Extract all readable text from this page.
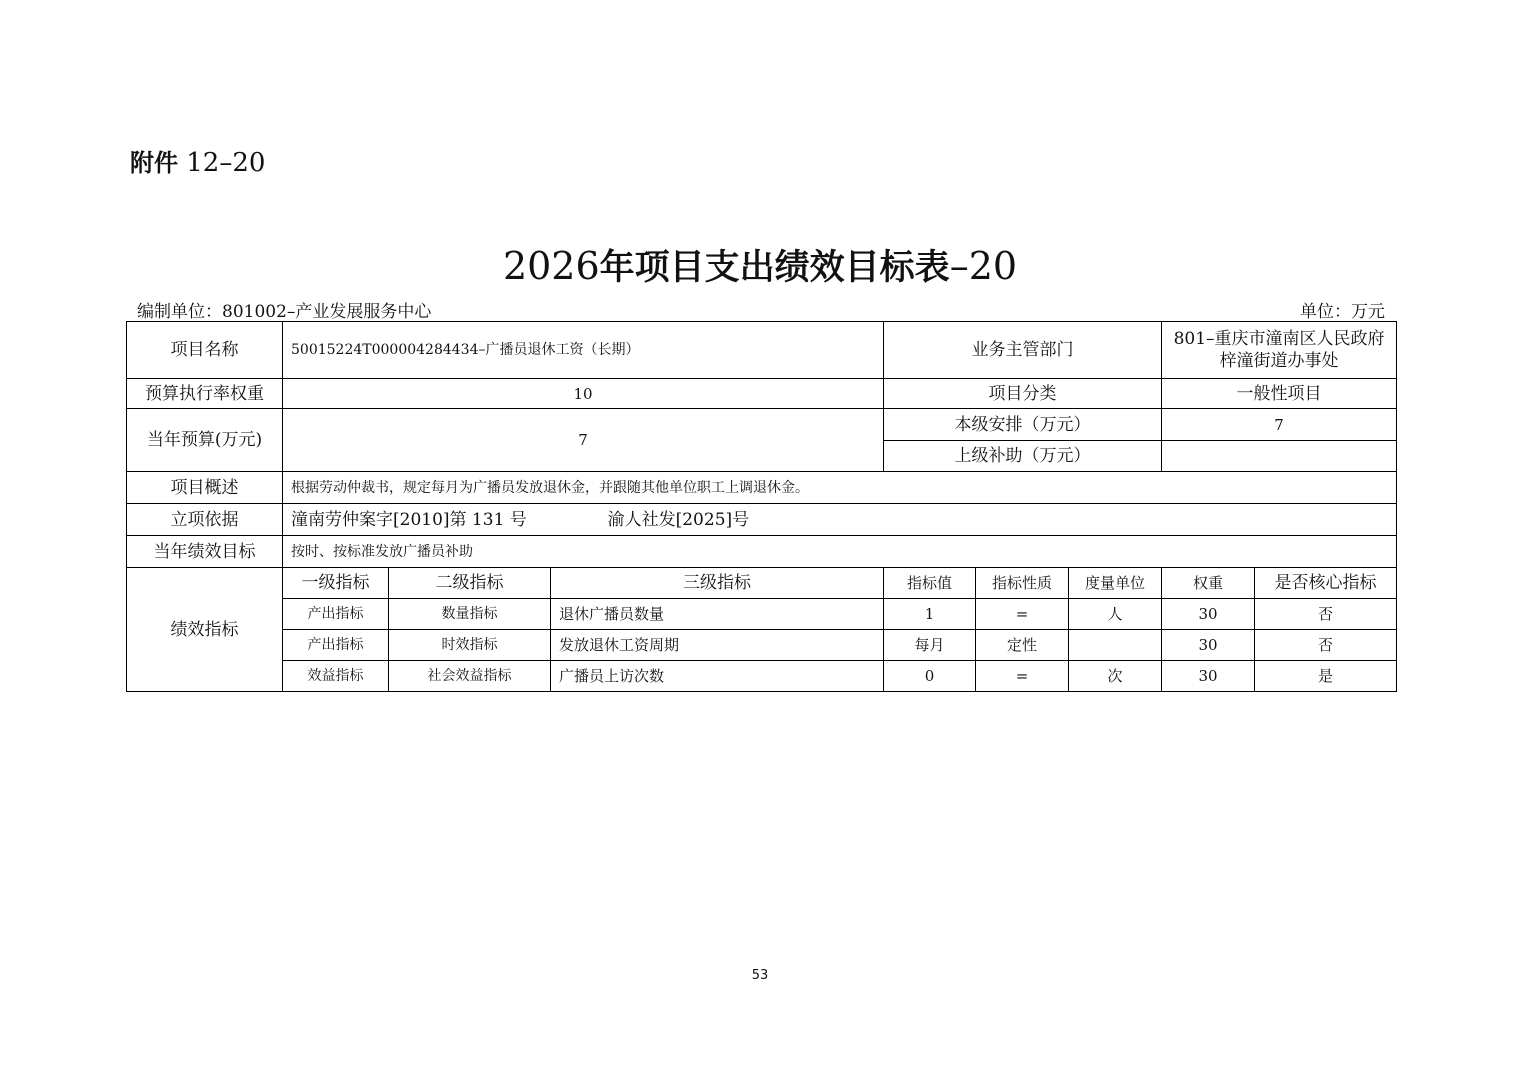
附件 12–20
2026年项目支出绩效目标表–20
编制单位：801002–产业发展服务中心	单位：万元
项目名称	50015224T000004284434–广播员退休工资（长期）			业务主管部门			801–重庆市潼南区人民政府梓潼街道办事处	
预算执行率权重	10			项目分类			一般性项目	
当年预算(万元)	7			本级安排（万元）			7	
				上级补助（万元）				
项目概述	根据劳动仲裁书，规定每月为广播员发放退休金，并跟随其他单位职工上调退休金。							
立项依据	潼南劳仲案字[2010]第 131 号 渝人社发[2025]号							
当年绩效目标	按时、按标准发放广播员补助							
绩效指标	一级指标	二级指标	三级指标	指标值	指标性质	度量单位	权重	是否核心指标
	产出指标	数量指标	退休广播员数量	1	=	人	30	否
	产出指标	时效指标	发放退休工资周期	每月	定性		30	否
	效益指标	社会效益指标	广播员上访次数	0	=	次	30	是
53
